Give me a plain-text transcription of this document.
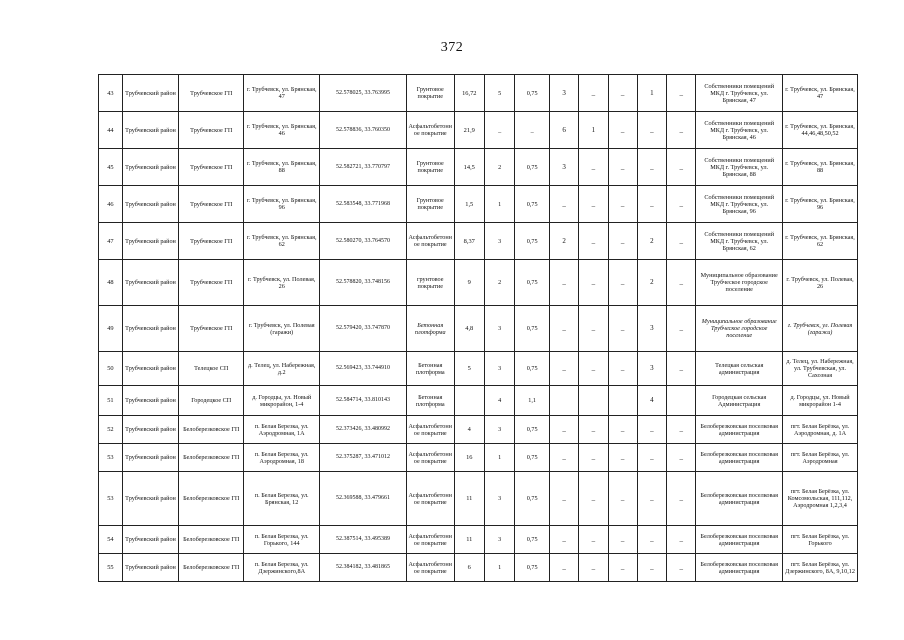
372
43	Трубчевский район	Трубчевское ГП	г. Трубчевск, ул. Брянская, 47	52.578025, 33.763995	Грунтовое покрытие	16,72	5	0,75	3	_	_	1	_	Собственники помещений МКД г. Трубчевск, ул. Брянская, 47	г. Трубчевск, ул. Брянская, 47
44	Трубчевский район	Трубчевское ГП	г. Трубчевск, ул. Брянская, 46	52.578836, 33.760350	Асфальтобетонное покрытие	21,9	_	_	6	1	_	_	_	Собственники помещений МКД г. Трубчевск, ул. Брянская, 46	г. Трубчевск, ул. Брянская, 44,46,48,50,52
45	Трубчевский район	Трубчевское ГП	г. Трубчевск, ул. Брянская, 88	52.582721, 33.770797	Грунтовое покрытие	14,5	2	0,75	3	_	_	_	_	Собственники помещений МКД г. Трубчевск, ул. Брянская, 88	г. Трубчевск, ул. Брянская, 88
46	Трубчевский район	Трубчевское ГП	г. Трубчевск, ул. Брянская, 96	52.583548, 33.771968	Грунтовое покрытие	1,5	1	0,75	_	_	_	_	_	Собственники помещений МКД г. Трубчевск, ул. Брянская, 96	г. Трубчевск, ул. Брянская, 96
47	Трубчевский район	Трубчевское ГП	г. Трубчевск, ул. Брянская, 62	52.580270, 33.764570	Асфальтобетонное покрытие	8,37	3	0,75	2	_	_	2	_	Собственники помещений МКД г. Трубчевск, ул. Брянская, 62	г. Трубчевск, ул. Брянская, 62
48	Трубчевский район	Трубчевское ГП	г. Трубчевск, ул. Полевая, 26	52.578820, 33.748156	грунтовое покрытие	9	2	0,75	_	_	_	2	_	Муниципальное образование Трубческое городское поселение	г. Трубчевск, ул. Полевая, 26
49	Трубчевский район	Трубчевское ГП	г. Трубчевск, ул. Полевая (гаражи)	52.579420, 33.747870	Бетонная плотформа	4,8	3	0,75	_	_	_	3	_	Муниципальное образование Трубческое городское поселение	г. Трубчевск, ул. Полевая (гаражи)
50	Трубчевский район	Телецкое СП	д. Телец, ул. Набережная, д.2	52.569423, 33.744910	Бетонная плотформа	5	3	0,75	_	_	_	3	_	Телецкая сельская администрация	д. Телец, ул. Набережная, ул. Трубчевская, ул. Сахозная
51	Трубчевский район	Городецкое СП	д. Городцы, ул. Новый микрорайон, 1-4	52.584714, 33.810143	Бетонная плотформа		4	1,1				4		Городецкая сельская Администрация	д. Городцы, ул. Новый микрорайон 1-4
52	Трубчевский район	Белоберезковское ГП	п. Белая Березка, ул. Аэродромная, 1А	52.373426, 33.480992	Асфальтобетонное покрытие	4	3	0,75	_	_	_	_	_	Белоберезковская поселковая администрация	пгт. Белая Берёзка, ул. Аэродромная, д. 1А
53	Трубчевский район	Белоберезковское ГП	п. Белая Березка, ул. Аэродромная, 18	52.375287, 33.471012	Асфальтобетонное покрытие	16	1	0,75	_	_	_	_	_	Белоберезковская поселковая администрация	пгт. Белая Берёзка, ул. Аэродромная
53	Трубчевский район	Белоберезковское ГП	п. Белая Березка, ул. Брянская, 12	52.369588, 33.479661	Асфальтобетонное покрытие	11	3	0,75	_	_	_	_	_	Белоберезковская поселковая администрация	пгт. Белая Берёзка, ул. Комсомольская, 111,112, Аэродромная 1,2,3,4
54	Трубчевский район	Белоберезковское ГП	п. Белая Березка, ул. Горького, 144	52.387514, 33.495389	Асфальтобетонное покрытие	11	3	0,75	_	_	_	_	_	Белоберезковская поселковая администрация	пгт. Белая Берёзка, ул. Горького
55	Трубчевский район	Белоберезковское ГП	п. Белая Березка, ул. Дзержинского,8А	52.384182, 33.481865	Асфальтобетонное покрытие	6	1	0,75	_	_	_	_	_	Белоберезковская поселковая администрация	пгт. Белая Берёзка, ул. Дзержинского, 8А, 9,10,12
